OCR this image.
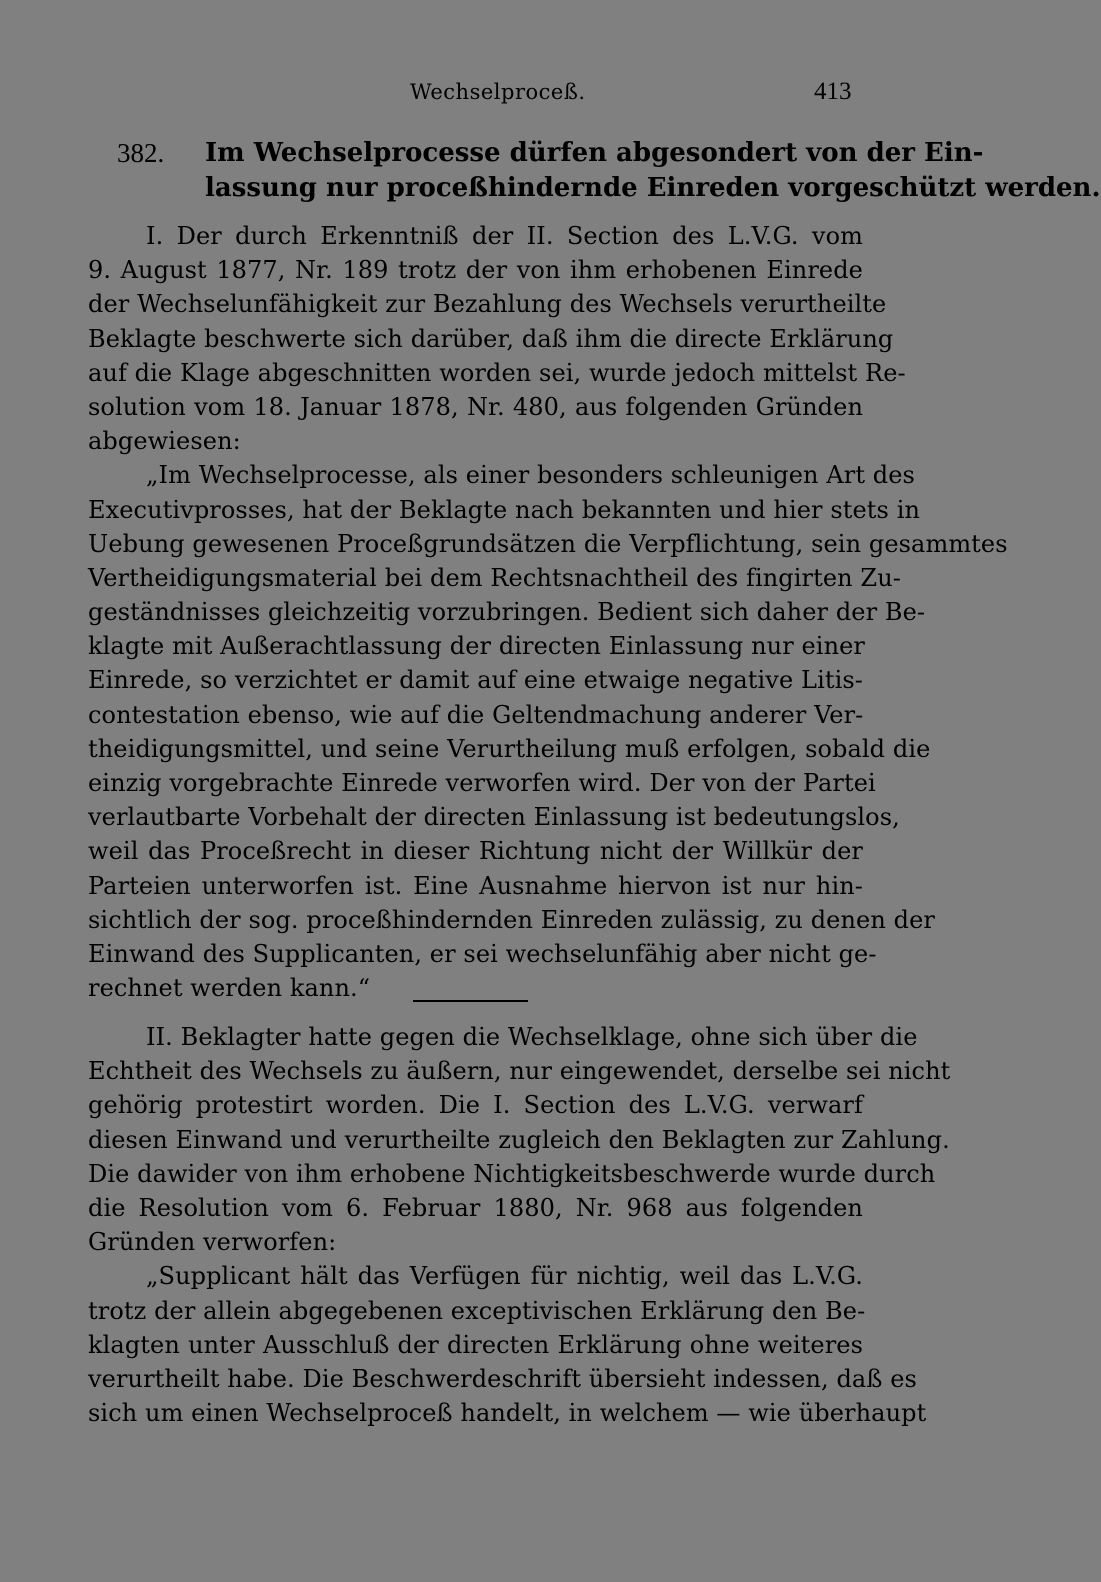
Wechselproceß.	413
382.	Im Wechselprocesse dürfen abgesondert von der Ein-
lassung nur proceßhindernde Einreden vorgeschützt werden.
I. Der durch Erkenntniß der II. Section des L.V.G. vom
9. August 1877, Nr. 189 trotz der von ihm erhobenen Einrede
der Wechselunfähigkeit zur Bezahlung des Wechsels verurtheilte
Beklagte beschwerte sich darüber, daß ihm die directe Erklärung
auf die Klage abgeschnitten worden sei, wurde jedoch mittelst Re-
solution vom 18. Januar 1878, Nr. 480, aus folgenden Gründen
abgewiesen:
„Im Wechselprocesse, als einer besonders schleunigen Art des
Executivprosses, hat der Beklagte nach bekannten und hier stets in
Uebung gewesenen Proceßgrundsätzen die Verpflichtung, sein gesammtes
Vertheidigungsmaterial bei dem Rechtsnachtheil des fingirten Zu-
geständnisses gleichzeitig vorzubringen. Bedient sich daher der Be-
klagte mit Außerachtlassung der directen Einlassung nur einer
Einrede, so verzichtet er damit auf eine etwaige negative Litis-
contestation ebenso, wie auf die Geltendmachung anderer Ver-
theidigungsmittel, und seine Verurtheilung muß erfolgen, sobald die
einzig vorgebrachte Einrede verworfen wird. Der von der Partei
verlautbarte Vorbehalt der directen Einlassung ist bedeutungslos,
weil das Proceßrecht in dieser Richtung nicht der Willkür der
Parteien unterworfen ist. Eine Ausnahme hiervon ist nur hin-
sichtlich der sog. proceßhindernden Einreden zulässig, zu denen der
Einwand des Supplicanten, er sei wechselunfähig aber nicht ge-
rechnet werden kann.“
II. Beklagter hatte gegen die Wechselklage, ohne sich über die
Echtheit des Wechsels zu äußern, nur eingewendet, derselbe sei nicht
gehörig protestirt worden. Die I. Section des L.V.G. verwarf
diesen Einwand und verurtheilte zugleich den Beklagten zur Zahlung.
Die dawider von ihm erhobene Nichtigkeitsbeschwerde wurde durch
die Resolution vom 6. Februar 1880, Nr. 968 aus folgenden
Gründen verworfen:
„Supplicant hält das Verfügen für nichtig, weil das L.V.G.
trotz der allein abgegebenen exceptivischen Erklärung den Be-
klagten unter Ausschluß der directen Erklärung ohne weiteres
verurtheilt habe. Die Beschwerdeschrift übersieht indessen, daß es
sich um einen Wechselproceß handelt, in welchem — wie überhaupt
